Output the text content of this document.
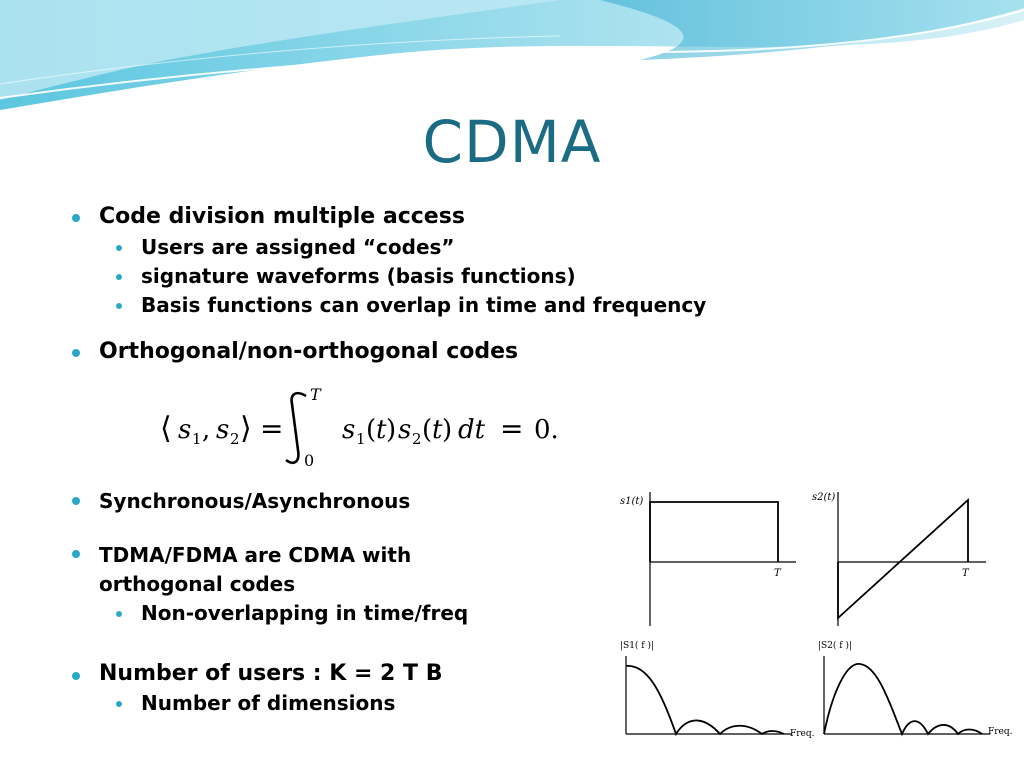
CDMA
Code division multiple access
Users are assigned “codes”
signature waveforms (basis functions)
Basis functions can overlap in time and frequency
Orthogonal/non-orthogonal codes
⟨ s 1 , s 2 ⟩ =
T
0
s 1 ( t ) s 2 ( t ) dt = 0.
Synchronous/Asynchronous
TDMA/FDMA are CDMA with
orthogonal codes
Non-overlapping in time/freq
Number of users : K = 2 T B
Number of dimensions
s1(t)
T
s2(t)
T
|S1( f )|
Freq.
|S2( f )|
Freq.
